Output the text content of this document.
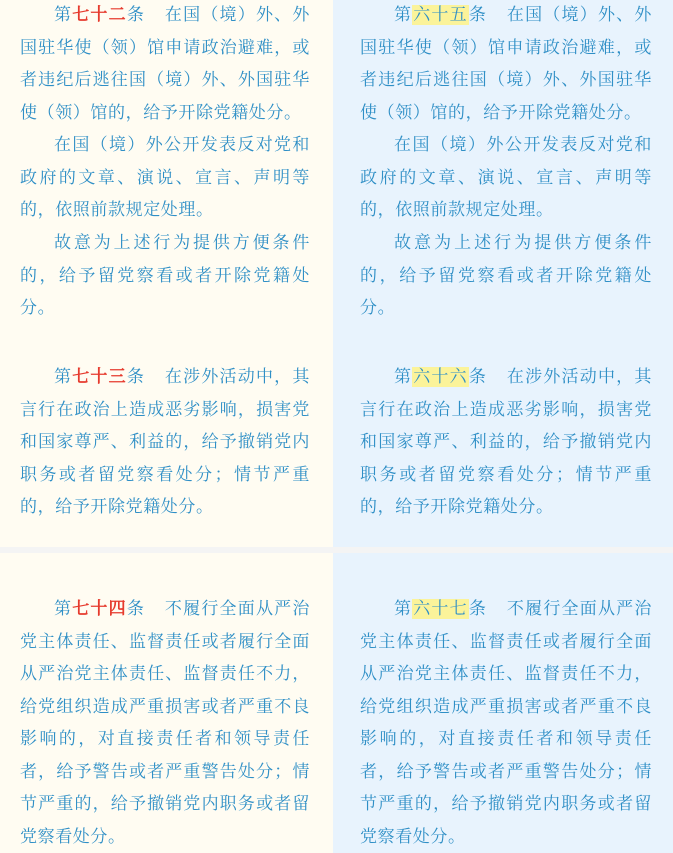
第七十二条 在国（境）外、外国驻华使（领）馆申请政治避难，或者违纪后逃往国（境）外、外国驻华使（领）馆的，给予开除党籍处分。

在国（境）外公开发表反对党和政府的文章、演说、宣言、声明等的，依照前款规定处理。

故意为上述行为提供方便条件的，给予留党察看或者开除党籍处分。

第七十三条 在涉外活动中，其言行在政治上造成恶劣影响，损害党和国家尊严、利益的，给予撤销党内职务或者留党察看处分；情节严重的，给予开除党籍处分。

第六十五条 在国（境）外、外国驻华使（领）馆申请政治避难，或者违纪后逃往国（境）外、外国驻华使（领）馆的，给予开除党籍处分。

在国（境）外公开发表反对党和政府的文章、演说、宣言、声明等的，依照前款规定处理。

故意为上述行为提供方便条件的，给予留党察看或者开除党籍处分。

第六十六条 在涉外活动中，其言行在政治上造成恶劣影响，损害党和国家尊严、利益的，给予撤销党内职务或者留党察看处分；情节严重的，给予开除党籍处分。

第七十四条 不履行全面从严治党主体责任、监督责任或者履行全面从严治党主体责任、监督责任不力，给党组织造成严重损害或者严重不良影响的，对直接责任者和领导责任者，给予警告或者严重警告处分；情节严重的，给予撤销党内职务或者留党察看处分。

第六十七条 不履行全面从严治党主体责任、监督责任或者履行全面从严治党主体责任、监督责任不力，给党组织造成严重损害或者严重不良影响的，对直接责任者和领导责任者，给予警告或者严重警告处分；情节严重的，给予撤销党内职务或者留党察看处分。
